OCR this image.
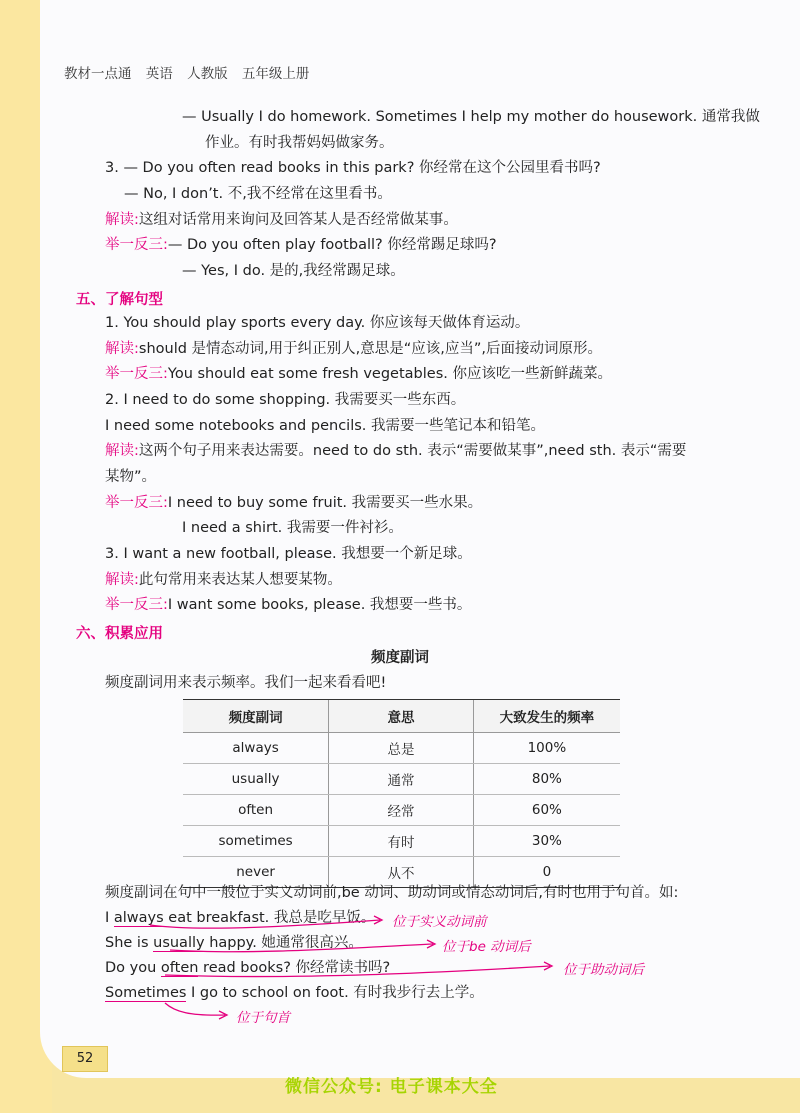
教材一点通 英语 人教版 五年级上册
— Usually I do homework. Sometimes I help my mother do housework. 通常我做
作业。有时我帮妈妈做家务。
3. — Do you often read books in this park? 你经常在这个公园里看书吗?
— No, I don’t. 不,我不经常在这里看书。
解读:这组对话常用来询问及回答某人是否经常做某事。
举一反三:— Do you often play football? 你经常踢足球吗?
— Yes, I do. 是的,我经常踢足球。
五、了解句型
1. You should play sports every day. 你应该每天做体育运动。
解读:should 是情态动词,用于纠正别人,意思是“应该,应当”,后面接动词原形。
举一反三:You should eat some fresh vegetables. 你应该吃一些新鲜蔬菜。
2. I need to do some shopping. 我需要买一些东西。
I need some notebooks and pencils. 我需要一些笔记本和铅笔。
解读:这两个句子用来表达需要。need to do sth. 表示“需要做某事”,need sth. 表示“需要
某物”。
举一反三:I need to buy some fruit. 我需要买一些水果。
I need a shirt. 我需要一件衬衫。
3. I want a new football, please. 我想要一个新足球。
解读:此句常用来表达某人想要某物。
举一反三:I want some books, please. 我想要一些书。
六、积累应用
频度副词
频度副词用来表示频率。我们一起来看看吧!
频度副词	意思	大致发生的频率
always	总是	100%
usually	通常	80%
often	经常	60%
sometimes	有时	30%
never	从不	0
频度副词在句中一般位于实义动词前,be 动词、助动词或情态动词后,有时也用于句首。如:
I always eat breakfast. 我总是吃早饭。
She is usually happy. 她通常很高兴。
Do you often read books? 你经常读书吗?
Sometimes I go to school on foot. 有时我步行去上学。
位于实义动词前
位于be 动词后
位于助动词后
位于句首
52
微信公众号: 电子课本大全
